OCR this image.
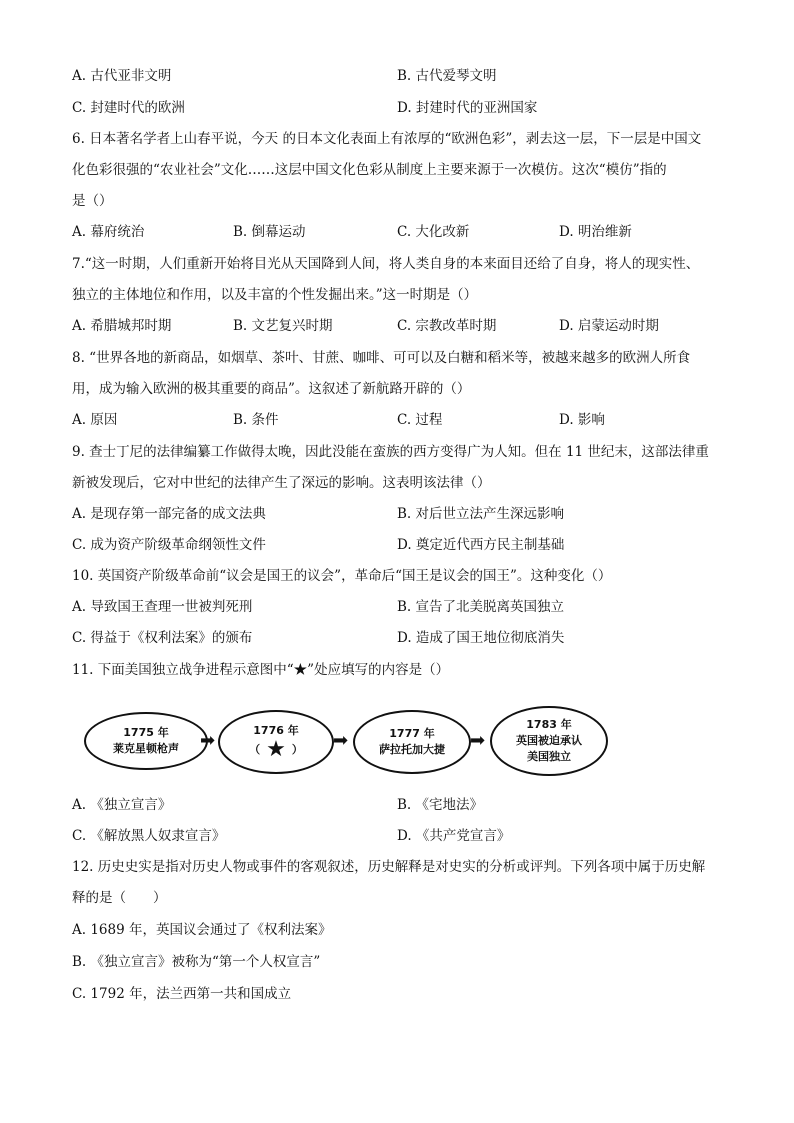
A. 古代亚非文明	B. 古代爱琴文明
C. 封建时代的欧洲	D. 封建时代的亚洲国家
6. 日本著名学者上山春平说，今天 的日本文化表面上有浓厚的“欧洲色彩”，剥去这一层，下一层是中国文
化色彩很强的“农业社会”文化……这层中国文化色彩从制度上主要来源于一次模仿。这次“模仿”指的
是（）
A. 幕府统治	B. 倒幕运动	C. 大化改新	D. 明治维新
7.“这一时期，人们重新开始将目光从天国降到人间，将人类自身的本来面目还给了自身，将人的现实性、
独立的主体地位和作用，以及丰富的个性发掘出来。”这一时期是（）
A. 希腊城邦时期	B. 文艺复兴时期	C. 宗教改革时期	D. 启蒙运动时期
8. “世界各地的新商品，如烟草、茶叶、甘蔗、咖啡、可可以及白糖和稻米等，被越来越多的欧洲人所食
用，成为输入欧洲的极其重要的商品”。这叙述了新航路开辟的（）
A. 原因	B. 条件	C. 过程	D. 影响
9. 查士丁尼的法律编纂工作做得太晚，因此没能在蛮族的西方变得广为人知。但在 11 世纪末，这部法律重
新被发现后，它对中世纪的法律产生了深远的影响。这表明该法律（）
A. 是现存第一部完备的成文法典	B. 对后世立法产生深远影响
C. 成为资产阶级革命纲领性文件	D. 奠定近代西方民主制基础
10. 英国资产阶级革命前“议会是国王的议会”，革命后“国王是议会的国王”。这种变化（）
A. 导致国王查理一世被判死刑	B. 宣告了北美脱离英国独立
C. 得益于《权利法案》的颁布	D. 造成了国王地位彻底消失
11. 下面美国独立战争进程示意图中“★”处应填写的内容是（）
1775 年
莱克星顿枪声 ➡	1776 年
（ ★ ） ➡	1777 年
萨拉托加大捷 ➡
1783 年
英国被迫承认
美国独立
A. 《独立宣言》	B. 《宅地法》
C. 《解放黑人奴隶宣言》	D. 《共产党宣言》
12. 历史史实是指对历史人物或事件的客观叙述，历史解释是对史实的分析或评判。下列各项中属于历史解
释的是（　　）
A. 1689 年，英国议会通过了《权利法案》
B. 《独立宣言》被称为“第一个人权宣言”
C. 1792 年，法兰西第一共和国成立
